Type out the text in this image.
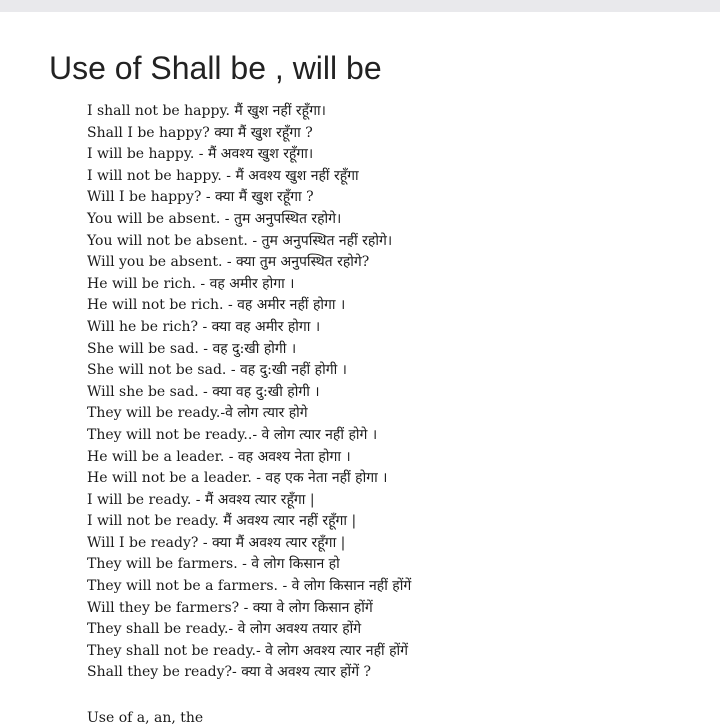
Use of Shall be , will be
I shall not be happy. मैं खुश नहीं रहूँगा।
Shall I be happy? क्या मैं खुश रहूँगा ?
I will be happy. - मैं अवश्य खुश रहूँगा।
I will not be happy. - मैं अवश्य खुश नहीं रहूँगा
Will I be happy? - क्या मैं खुश रहूँगा ?
You will be absent. - तुम अनुपस्थित रहोगे।
You will not be absent. - तुम अनुपस्थित नहीं रहोगे।
Will you be absent. - क्या तुम अनुपस्थित रहोगे?
He will be rich. - वह अमीर होगा ।
He will not be rich. - वह अमीर नहीं होगा ।
Will he be rich? - क्या वह अमीर होगा ।
She will be sad. - वह दु:खी होगी ।
She will not be sad. - वह दु:खी नहीं होगी ।
Will she be sad. - क्या वह दु:खी होगी ।
They will be ready.-वे लोग त्यार होगे
They will not be ready..- वे लोग त्यार नहीं होगे ।
He will be a leader. - वह अवश्य नेता होगा ।
He will not be a leader. - वह एक नेता नहीं होगा ।
I will be ready. - मैं अवश्य त्यार रहूँगा |
I will not be ready. मैं अवश्य त्यार नहीं रहूँगा |
Will I be ready? - क्या मैं अवश्य त्यार रहूँगा |
They will be farmers. - वे लोग किसान हो
They will not be a farmers. - वे लोग किसान नहीं होंगें
Will they be farmers? - क्या वे लोग किसान होंगें
They shall be ready.- वे लोग अवश्य तयार होंगे
They shall not be ready.- वे लोग अवश्य त्यार नहीं होंगें
Shall they be ready?- क्या वे अवश्य त्यार होंगें ?
Use of a, an, the
